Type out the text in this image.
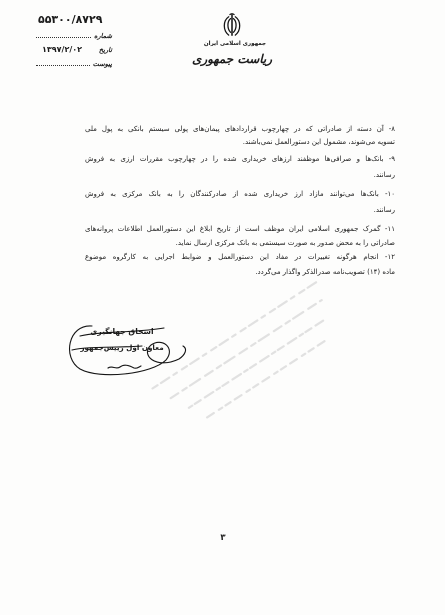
جمهوری اسلامی ایران
ریاست جمهوری
۵۵۳۰۰/۸۷۲۹
شماره
تاریخ
۱۳۹۷/۲/۰۲
پیوست
۸- آن دسته از صادراتی که در چهارچوب قراردادهای پیمان‌های پولی سیستم بانکی به پول ملی
تسویه می‌شوند، مشمول این دستورالعمل نمی‌باشند.
۹- بانک‌ها و صرافی‌ها موظفند ارزهای خریداری شده را در چهارچوب مقررات ارزی به فروش
رسانند.
۱۰- بانک‌ها می‌توانند مازاد ارز خریداری شده از صادرکنندگان را به بانک مرکزی به فروش
رسانند.
۱۱- گمرک جمهوری اسلامی ایران موظف است از تاریخ ابلاغ این دستورالعمل اطلاعات پروانه‌های
صادراتی را به محض صدور به صورت سیستمی به بانک مرکزی ارسال نماید.
۱۲- انجام هرگونه تغییرات در مفاد این دستورالعمل و ضوابط اجرایی به کارگروه موضوع
ماده (۱۴) تصویب‌نامه صدرالذکر واگذار می‌گردد.
اسحاق جهانگیری
معاون اول رییس‌جمهور
۳
